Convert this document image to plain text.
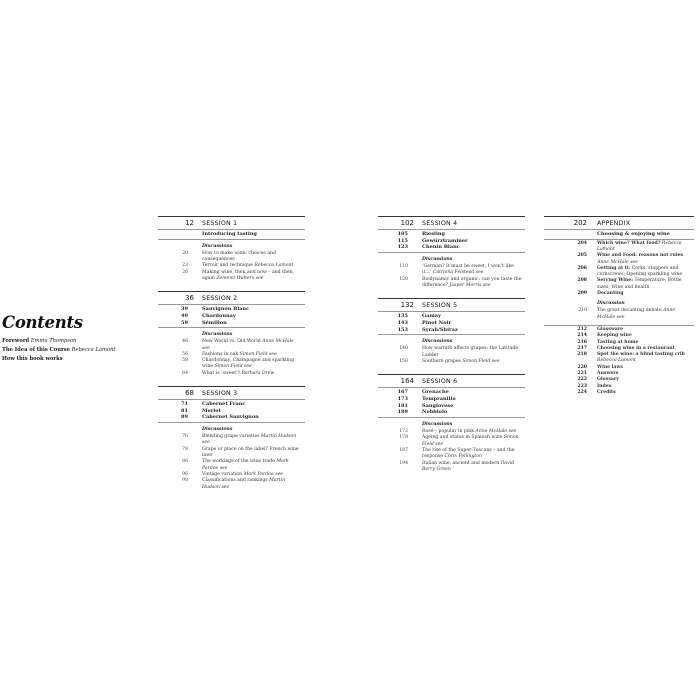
Contents
Foreword Emma Thompson
The Idea of this Course Rebecca Lamont
How this book works
12 SESSION 1
Introducing tasting
Discussions
20	How to make wine: choices and consequences
23	Terroir and technique Rebecca Lamont
26	Making wine, then and now – and then, again Zememi Walters see
36 SESSION 2
39	Sauvignon Blanc
49	Chardonnay
59	Sémillon
Discussions
46	New World vs. Old World Anne McHale see
56	Fashions in oak Simon Field see
58	Chardonnay, Champagne and sparkling wine Simon Field see
64	What is ‘sweet’? Barbara Drew
68 SESSION 3
71	Cabernet Franc
81	Merlot
89	Cabernet Sauvignon
Discussions
76	Blending grape varieties Martin Hudson see
78	Grape or place on the label? French wine laws
86	The workings of the wine trade Mark Pardoe see
96	Vintage variation Mark Pardoe see
98	Classifications and rankings Martin Hudson see
102 SESSION 4
105	Riesling
115	Gewürztraminer
123	Chenin Blanc
Discussions
110	‘German? It must be sweet, I won’t like it…’ Catriona Felstead see
120	Biodynamic and organic: can you taste the difference? Jasper Morris see
132 SESSION 5
135	Gamay
143	Pinot Noir
153	Syrah/Shiraz
Discussions
140	How warmth affects grapes: the Latitude Ladder
150	Southern grapes Simon Field see
164 SESSION 6
167	Grenache
173	Tempranillo
181	Sangiovese
189	Nebbiolo
Discussions
172	Rosé – popular in pink Anne McHale see
178	Ageing and status in Spanish wine Simon Field see
187	The rise of the Super-Tuscans – and the response Chris Pollington
194	Italian wine, ancient and modern David Berry Green
202 APPENDIX
Choosing & enjoying wine
204 Which wine? What food? Rebecca Lamont
205 Wine and Food: reasons not rules Anne McHale see
206 Getting at it: Corks, stoppers and corkscrews; Opening sparkling wine
208 Serving Wine: Temperature; Bottle sizes; Wine and health
209 Decanting
Discussion
210 The great decanting debate Anne McHale see
212 Glassware
214 Keeping wine
216 Tasting at home
217 Choosing wine in a restaurant
218 Spot the wine: a blind tasting crib
Rebecca Lamont
220 Wine laws
221 Answers
222 Glossary
223 Index
224 Credits
